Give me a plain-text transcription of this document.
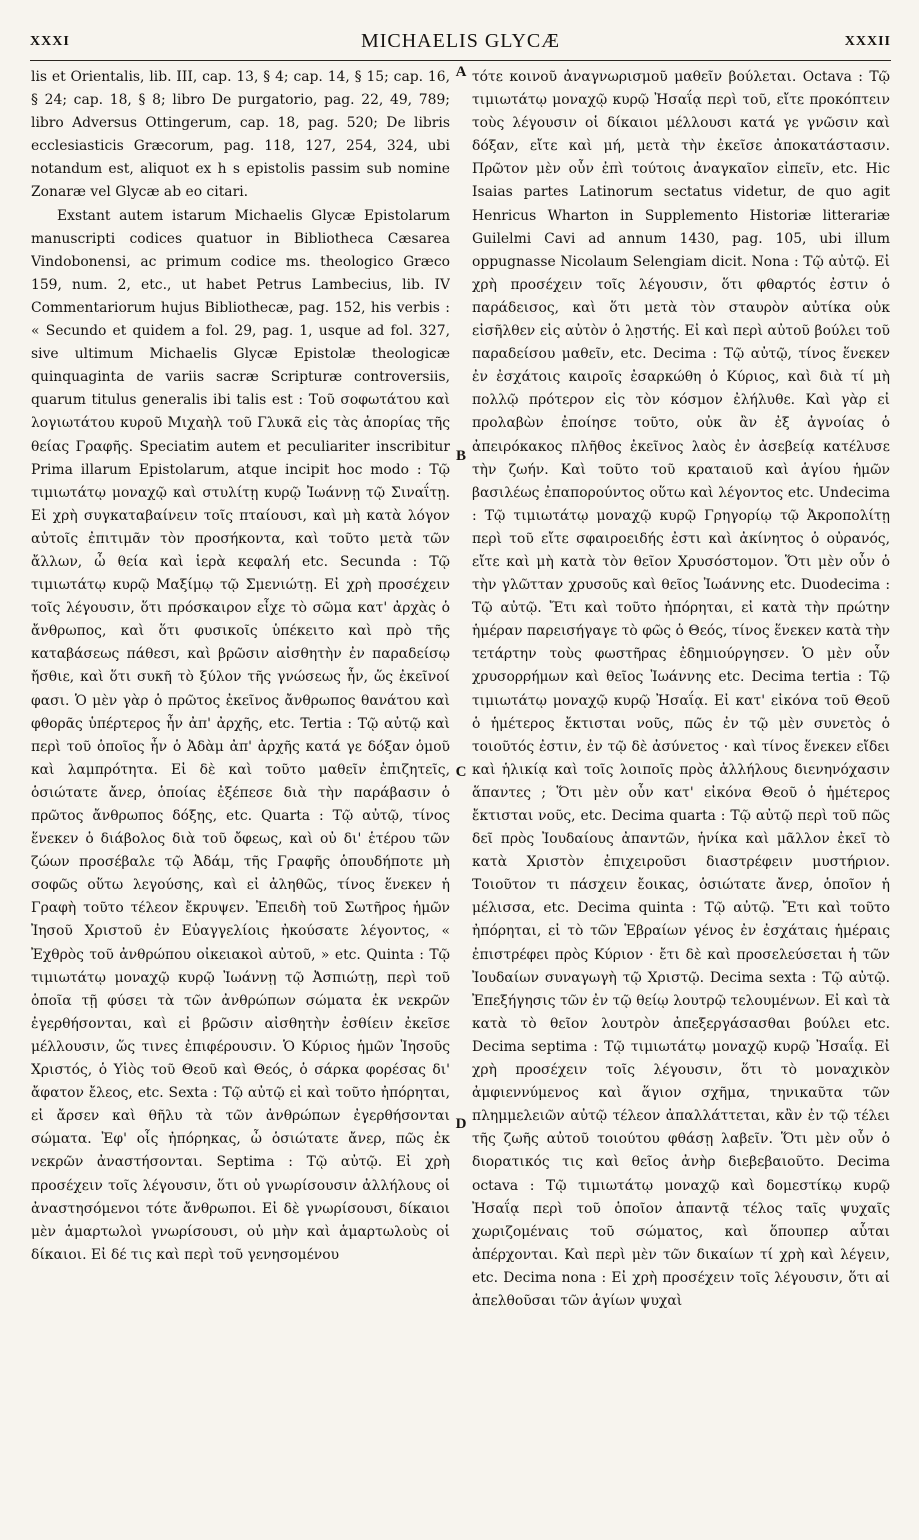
XXXI	MICHAELIS GLYCÆ	XXXII

lis et Orientalis, lib. III, cap. 13, § 4; cap. 14, § 15; cap. 16, § 24; cap. 18, § 8; libro De purgatorio, pag. 22, 49, 789; libro Adversus Ottingerum, cap. 18, pag. 520; De libris ecclesiasticis Græcorum, pag. 118, 127, 254, 324, ubi notandum est, aliquot ex h s epistolis passim sub nomine Zonaræ vel Glycæ ab eo citari.

Exstant autem istarum Michaelis Glycæ Epistolarum manuscripti codices quatuor in Bibliotheca Cæsarea Vindobonensi, ac primum codice ms. theologico Græco 159, num. 2, etc., ut habet Petrus Lambecius, lib. IV Commentariorum hujus Bibliothecæ, pag. 152, his verbis : « Secundo et quidem a fol. 29, pag. 1, usque ad fol. 327, sive ultimum Michaelis Glycæ Epistolæ theologicæ quinquaginta de variis sacræ Scripturæ controversiis, quarum titulus generalis ibi talis est : Τοῦ σοφωτάτου καὶ λογιωτάτου κυροῦ Μιχαὴλ τοῦ Γλυκᾶ εἰς τὰς ἀπορίας τῆς θείας Γραφῆς. Speciatim autem et peculiariter inscribitur Prima illarum Epistolarum, atque incipit hoc modo : Τῷ τιμιωτάτῳ μοναχῷ καὶ στυλίτῃ κυρῷ Ἰωάννῃ τῷ Σιναΐτῃ. Εἰ χρὴ συγκαταβαίνειν τοῖς πταίουσι, καὶ μὴ κατὰ λόγον αὐτοῖς ἐπιτιμᾶν τὸν προσήκοντα, καὶ τοῦτο μετὰ τῶν ἄλλων, ὦ θεία καὶ ἱερὰ κεφαλή etc. Secunda : Τῷ τιμιωτάτῳ κυρῷ Μαξίμῳ τῷ Σμενιώτῃ. Εἰ χρὴ προσέχειν τοῖς λέγουσιν, ὅτι πρόσκαιρον εἶχε τὸ σῶμα κατ' ἀρχὰς ὁ ἄνθρωπος, καὶ ὅτι φυσικοῖς ὑπέκειτο καὶ πρὸ τῆς καταβάσεως πάθεσι, καὶ βρῶσιν αἰσθητὴν ἐν παραδείσῳ ἤσθιε, καὶ ὅτι συκῆ τὸ ξύλον τῆς γνώσεως ἦν, ὥς ἐκεῖνοί φασι. Ὁ μὲν γὰρ ὁ πρῶτος ἐκεῖνος ἄνθρωπος θανάτου καὶ φθορᾶς ὑπέρτερος ἦν ἀπ' ἀρχῆς, etc. Tertia : Τῷ αὐτῷ καὶ περὶ τοῦ ὁποῖος ἦν ὁ Ἀδὰμ ἀπ' ἀρχῆς κατά γε δόξαν ὁμοῦ καὶ λαμπρότητα. Εἰ δὲ καὶ τοῦτο μαθεῖν ἐπιζητεῖς, ὁσιώτατε ἄνερ, ὁποίας ἐξέπεσε διὰ τὴν παράβασιν ὁ πρῶτος ἄνθρωπος δόξης, etc. Quarta : Τῷ αὐτῷ, τίνος ἕνεκεν ὁ διάβολος διὰ τοῦ ὄφεως, καὶ οὐ δι' ἑτέρου τῶν ζώων προσέβαλε τῷ Ἀδάμ, τῆς Γραφῆς ὁπουδήποτε μὴ σοφῶς οὕτω λεγούσης, καὶ εἰ ἀληθῶς, τίνος ἕνεκεν ἡ Γραφὴ τοῦτο τέλεον ἔκρυψεν. Ἐπειδὴ τοῦ Σωτῆρος ἡμῶν Ἰησοῦ Χριστοῦ ἐν Εὐαγγελίοις ἠκούσατε λέγοντος, « Ἐχθρὸς τοῦ ἀνθρώπου οἰκειακοὶ αὐτοῦ, » etc. Quinta : Τῷ τιμιωτάτῳ μοναχῷ κυρῷ Ἰωάννῃ τῷ Ἀσπιώτῃ, περὶ τοῦ ὁποῖα τῇ φύσει τὰ τῶν ἀνθρώπων σώματα ἐκ νεκρῶν ἐγερθήσονται, καὶ εἰ βρῶσιν αἰσθητὴν ἐσθίειν ἐκεῖσε μέλλουσιν, ὥς τινες ἐπιφέρουσιν. Ὁ Κύριος ἡμῶν Ἰησοῦς Χριστός, ὁ Υἱὸς τοῦ Θεοῦ καὶ Θεός, ὁ σάρκα φορέσας δι' ἄφατον ἔλεος, etc. Sexta : Τῷ αὐτῷ εἰ καὶ τοῦτο ἠπόρηται, εἰ ἄρσεν καὶ θῆλυ τὰ τῶν ἀνθρώπων ἐγερθήσονται σώματα. Ἐφ' οἷς ἠπόρηκας, ὦ ὁσιώτατε ἄνερ, πῶς ἐκ νεκρῶν ἀναστήσονται. Septima : Τῷ αὐτῷ. Εἰ χρὴ προσέχειν τοῖς λέγουσιν, ὅτι οὐ γνωρίσουσιν ἀλλήλους οἱ ἀναστησόμενοι τότε ἄνθρωποι. Εἰ δὲ γνωρίσουσι, δίκαιοι μὲν ἁμαρτωλοὶ γνωρίσουσι, οὐ μὴν καὶ ἁμαρτωλοὺς οἱ δίκαιοι. Εἰ δέ τις καὶ περὶ τοῦ γενησομένου

A
B
C
D

τότε κοινοῦ ἀναγνωρισμοῦ μαθεῖν βούλεται. Octava : Τῷ τιμιωτάτῳ μοναχῷ κυρῷ Ἠσαΐᾳ περὶ τοῦ, εἴτε προκόπτειν τοὺς λέγουσιν οἱ δίκαιοι μέλλουσι κατά γε γνῶσιν καὶ δόξαν, εἴτε καὶ μή, μετὰ τὴν ἐκεῖσε ἀποκατάστασιν. Πρῶτον μὲν οὖν ἐπὶ τούτοις ἀναγκαῖον εἰπεῖν, etc. Hic Isaias partes Latinorum sectatus videtur, de quo agit Henricus Wharton in Supplemento Historiæ litterariæ Guilelmi Cavi ad annum 1430, pag. 105, ubi illum oppugnasse Nicolaum Selengiam dicit. Nona : Τῷ αὐτῷ. Εἰ χρὴ προσέχειν τοῖς λέγουσιν, ὅτι φθαρτός ἐστιν ὁ παράδεισος, καὶ ὅτι μετὰ τὸν σταυρὸν αὐτίκα οὐκ εἰσῆλθεν εἰς αὐτὸν ὁ λῃστής. Εἰ καὶ περὶ αὐτοῦ βούλει τοῦ παραδείσου μαθεῖν, etc. Decima : Τῷ αὐτῷ, τίνος ἕνεκεν ἐν ἐσχάτοις καιροῖς ἐσαρκώθη ὁ Κύριος, καὶ διὰ τί μὴ πολλῷ πρότερον εἰς τὸν κόσμον ἐλήλυθε. Καὶ γὰρ εἰ προλαβὼν ἐποίησε τοῦτο, οὐκ ἂν ἐξ ἀγνοίας ὁ ἀπειρόκακος πλῆθος ἐκεῖνος λαὸς ἐν ἀσεβείᾳ κατέλυσε τὴν ζωήν. Καὶ τοῦτο τοῦ κραταιοῦ καὶ ἁγίου ἡμῶν βασιλέως ἐπαπορούντος οὕτω καὶ λέγοντος etc. Undecima : Τῷ τιμιωτάτῳ μοναχῷ κυρῷ Γρηγορίῳ τῷ Ἀκροπολίτῃ περὶ τοῦ εἴτε σφαιροειδής ἐστι καὶ ἀκίνητος ὁ οὐρανός, εἴτε καὶ μὴ κατὰ τὸν θεῖον Χρυσόστομον. Ὅτι μὲν οὖν ὁ τὴν γλῶτταν χρυσοῦς καὶ θεῖος Ἰωάννης etc. Duodecima : Τῷ αὐτῷ. Ἔτι καὶ τοῦτο ἠπόρηται, εἰ κατὰ τὴν πρώτην ἡμέραν παρεισήγαγε τὸ φῶς ὁ Θεός, τίνος ἕνεκεν κατὰ τὴν τετάρτην τοὺς φωστῆρας ἐδημιούργησεν. Ὁ μὲν οὖν χρυσορρήμων καὶ θεῖος Ἰωάννης etc. Decima tertia : Τῷ τιμιωτάτῳ μοναχῷ κυρῷ Ἠσαΐᾳ. Εἰ κατ' εἰκόνα τοῦ Θεοῦ ὁ ἡμέτερος ἔκτισται νοῦς, πῶς ἐν τῷ μὲν συνετὸς ὁ τοιοῦτός ἐστιν, ἐν τῷ δὲ ἀσύνετος · καὶ τίνος ἕνεκεν εἴδει καὶ ἡλικίᾳ καὶ τοῖς λοιποῖς πρὸς ἀλλήλους διενηνόχασιν ἅπαντες ; Ὅτι μὲν οὖν κατ' εἰκόνα Θεοῦ ὁ ἡμέτερος ἔκτισται νοῦς, etc. Decima quarta : Τῷ αὐτῷ περὶ τοῦ πῶς δεῖ πρὸς Ἰουδαίους ἀπαντῶν, ἡνίκα καὶ μᾶλλον ἐκεῖ τὸ κατὰ Χριστὸν ἐπιχειροῦσι διαστρέφειν μυστήριον. Τοιοῦτον τι πάσχειν ἔοικας, ὁσιώτατε ἄνερ, ὁποῖον ἡ μέλισσα, etc. Decima quinta : Τῷ αὐτῷ. Ἔτι καὶ τοῦτο ἠπόρηται, εἰ τὸ τῶν Ἑβραίων γένος ἐν ἐσχάταις ἡμέραις ἐπιστρέφει πρὸς Κύριον · ἔτι δὲ καὶ προσελεύσεται ἡ τῶν Ἰουδαίων συναγωγὴ τῷ Χριστῷ. Decima sexta : Τῷ αὐτῷ. Ἐπεξήγησις τῶν ἐν τῷ θείῳ λουτρῷ τελουμένων. Εἰ καὶ τὰ κατὰ τὸ θεῖον λουτρὸν ἀπεξεργάσασθαι βούλει etc. Decima septima : Τῷ τιμιωτάτῳ μοναχῷ κυρῷ Ἠσαΐᾳ. Εἰ χρὴ προσέχειν τοῖς λέγουσιν, ὅτι τὸ μοναχικὸν ἀμφιεννύμενος καὶ ἅγιον σχῆμα, τηνικαῦτα τῶν πλημμελειῶν αὐτῷ τέλεον ἀπαλλάττεται, κἂν ἐν τῷ τέλει τῆς ζωῆς αὐτοῦ τοιούτου φθάσῃ λαβεῖν. Ὅτι μὲν οὖν ὁ διορατικός τις καὶ θεῖος ἀνὴρ διεβεβαιοῦτο. Decima octava : Τῷ τιμιωτάτῳ μοναχῷ καὶ δομεστίκῳ κυρῷ Ἠσαΐᾳ περὶ τοῦ ὁποῖον ἀπαντᾷ τέλος ταῖς ψυχαῖς χωριζομέναις τοῦ σώματος, καὶ ὅπουπερ αὗται ἀπέρχονται. Καὶ περὶ μὲν τῶν δικαίων τί χρὴ καὶ λέγειν, etc. Decima nona : Εἰ χρὴ προσέχειν τοῖς λέγουσιν, ὅτι αἱ ἀπελθοῦσαι τῶν ἁγίων ψυχαὶ
